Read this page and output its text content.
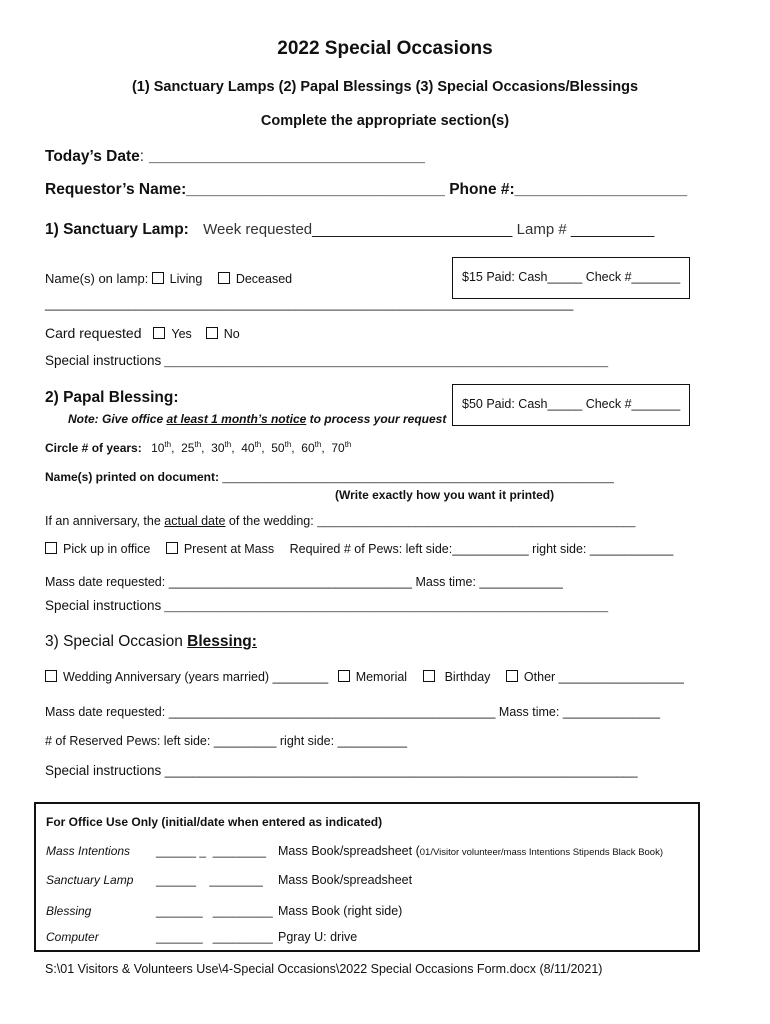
2022 Special Occasions
(1) Sanctuary Lamps (2) Papal Blessings (3) Special Occasions/Blessings
Complete the appropriate section(s)
Today’s Date: ________________________________
Requestor’s Name:______________________________ Phone #:____________________
1) Sanctuary Lamp: Week requested________________________ Lamp # __________
Name(s) on lamp: Living	Deceased	$15 Paid: Cash_____ Check #_______
____________________________________________________________________________
Card requested Yes	No
Special instructions ____________________________________________________________________________
2) Papal Blessing:
Note: Give office at least 1 month’s notice to process your request
$50 Paid: Cash_____ Check #_______
Circle # of years: 10th,  25th,  30th,  40th,  50th,  60th,  70th
Name(s) printed on document: ________________________________________________________________
(Write exactly how you want it printed)
If an anniversary, the actual date of the wedding: ____________________________________________________
Pick up in office	Present at Mass Required # of Pews: left side:___________ right side: ____________
Mass date requested: ___________________________________ Mass time: ____________
Special instructions ____________________________________________________________________________
3) Special Occasion Blessing:
Wedding Anniversary (years married) ________ Memorial	Birthday	Other __________________
Mass date requested: _______________________________________________ Mass time: ______________
# of Reserved Pews: left side: _________ right side: __________
Special instructions ____________________________________________________________________
For Office Use Only (initial/date when entered as indicated)
Mass Intentions ______ _  ________ Mass Book/spreadsheet (01/Visitor volunteer/mass Intentions Stipends Black Book)
Sanctuary Lamp ______    ________ Mass Book/spreadsheet
Blessing	_______   _________ Mass Book (right side)
Computer	_______   _________ Pgray U: drive
S:\01 Visitors & Volunteers Use\4-Special Occasions\2022 Special Occasions Form.docx (8/11/2021)
